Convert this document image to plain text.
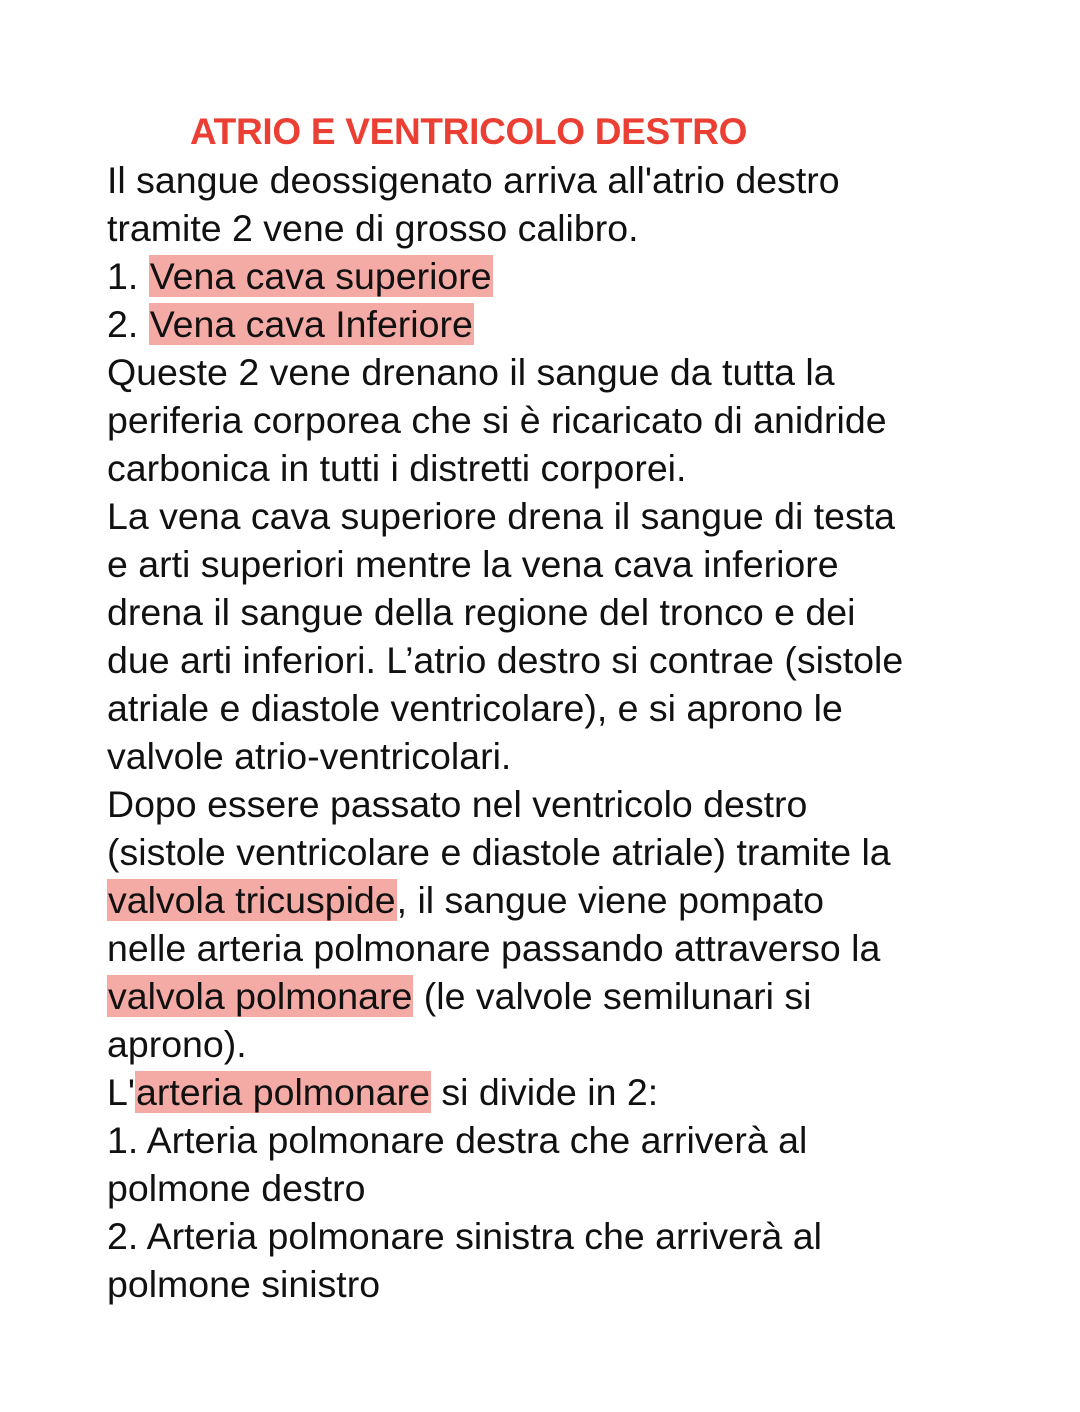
ATRIO E VENTRICOLO DESTRO
Il sangue deossigenato arriva all'atrio destro
tramite 2 vene di grosso calibro.
1. Vena cava superiore
2. Vena cava Inferiore
Queste 2 vene drenano il sangue da tutta la
periferia corporea che si è ricaricato di anidride
carbonica in tutti i distretti corporei.
La vena cava superiore drena il sangue di testa
e arti superiori mentre la vena cava inferiore
drena il sangue della regione del tronco e dei
due arti inferiori. L’atrio destro si contrae (sistole
atriale e diastole ventricolare), e si aprono le
valvole atrio-ventricolari.
Dopo essere passato nel ventricolo destro
(sistole ventricolare e diastole atriale) tramite la
valvola tricuspide, il sangue viene pompato
nelle arteria polmonare passando attraverso la
valvola polmonare (le valvole semilunari si
aprono).
L'arteria polmonare si divide in 2:
1. Arteria polmonare destra che arriverà al
polmone destro
2. Arteria polmonare sinistra che arriverà al
polmone sinistro
